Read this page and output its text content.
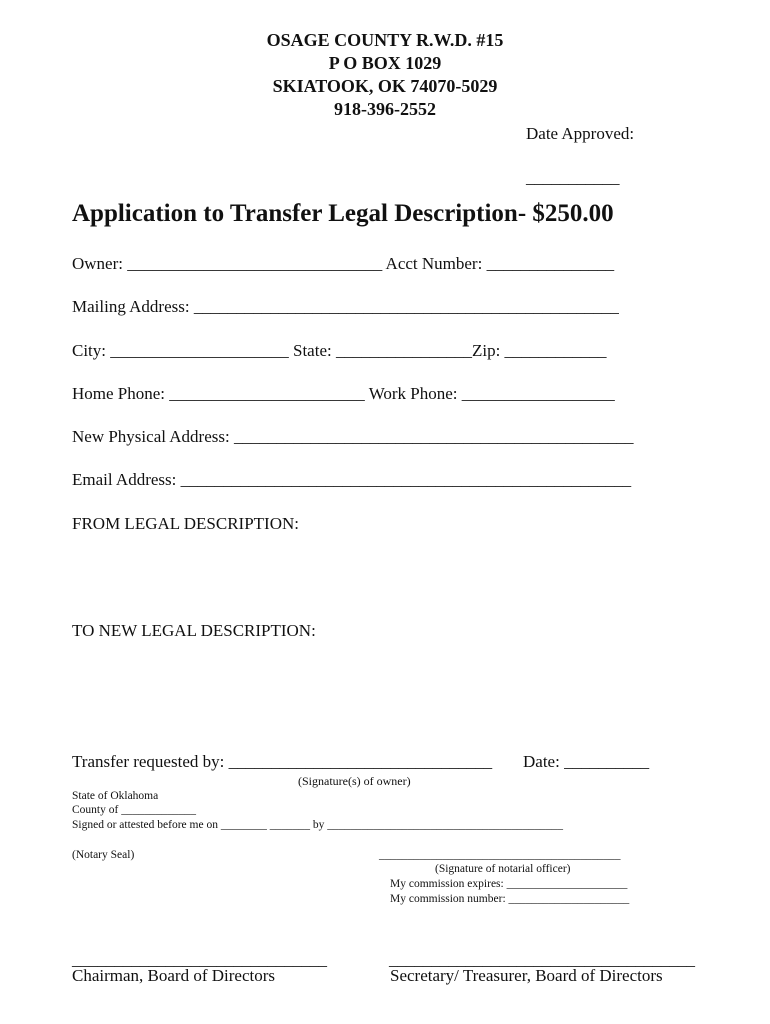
OSAGE COUNTY R.W.D. #15
P O BOX 1029
SKIATOOK, OK 74070-5029
918-396-2552
Date Approved:
___________
Application to Transfer Legal Description- $250.00
Owner: ______________________________ Acct Number: _______________
Mailing Address: __________________________________________________
City: _____________________ State: ________________Zip: ____________
Home Phone: _______________________ Work Phone: __________________
New Physical Address: _______________________________________________
Email Address: _____________________________________________________
FROM LEGAL DESCRIPTION:
TO NEW LEGAL DESCRIPTION:
Transfer requested by: _______________________________ Date: __________
(Signature(s) of owner)
State of Oklahoma
County of _____________
Signed or attested before me on ________ _______ by _________________________________________
(Notary Seal)	__________________________________________
(Signature of notarial officer)
My commission expires: _____________________
My commission number: _____________________
______________________________
Chairman, Board of Directors
____________________________________
Secretary/ Treasurer, Board of Directors
